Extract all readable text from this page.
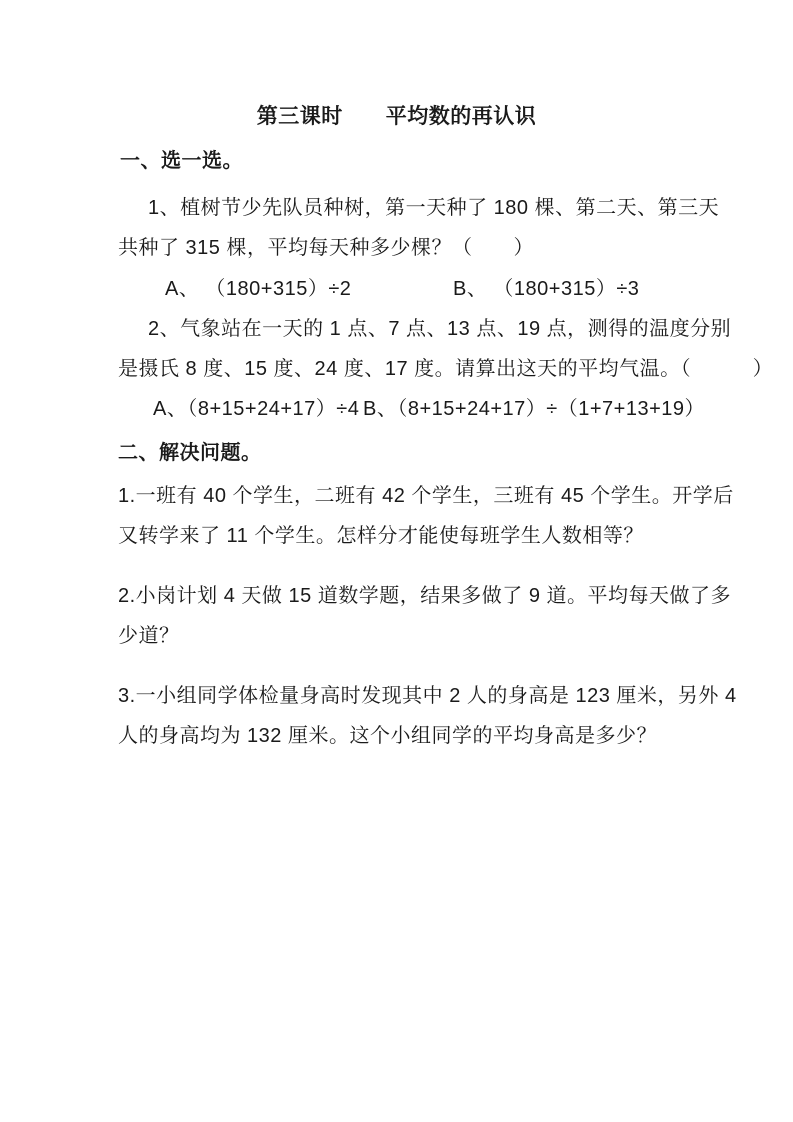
第三课时　　平均数的再认识
一、选一选。
1、植树节少先队员种树，第一天种了 180 棵、第二天、第三天
共种了 315 棵，平均每天种多少棵？（　　）
A、 （180+315）÷2	B、 （180+315）÷3
2、气象站在一天的 1 点、7 点、13 点、19 点，测得的温度分别
是摄氏 8 度、15 度、24 度、17 度。请算出这天的平均气温。（　　　）
A、（8+15+24+17）÷4 B、（8+15+24+17）÷（1+7+13+19）
二、解决问题。
1.一班有 40 个学生，二班有 42 个学生，三班有 45 个学生。开学后
又转学来了 11 个学生。怎样分才能使每班学生人数相等？
2.小岗计划 4 天做 15 道数学题，结果多做了 9 道。平均每天做了多
少道？
3.一小组同学体检量身高时发现其中 2 人的身高是 123 厘米，另外 4
人的身高均为 132 厘米。这个小组同学的平均身高是多少？
